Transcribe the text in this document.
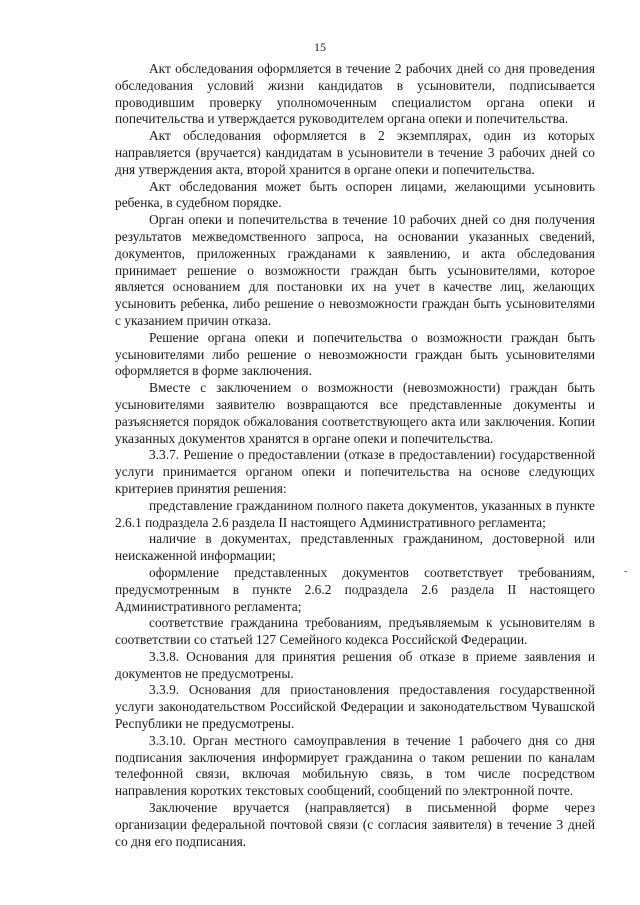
15

Акт обследования оформляется в течение 2 рабочих дней со дня проведения обследования условий жизни кандидатов в усыновители, подписывается проводившим проверку уполномоченным специалистом органа опеки и попечительства и утверждается руководителем органа опеки и попечительства.

Акт обследования оформляется в 2 экземплярах, один из которых направляется (вручается) кандидатам в усыновители в течение 3 рабочих дней со дня утверждения акта, второй хранится в органе опеки и попечительства.

Акт обследования может быть оспорен лицами, желающими усыновить ребенка, в судебном порядке.

Орган опеки и попечительства в течение 10 рабочих дней со дня получения результатов межведомственного запроса, на основании указанных сведений, документов, приложенных гражданами к заявлению, и акта обследования принимает решение о возможности граждан быть усыновителями, которое является основанием для постановки их на учет в качестве лиц, желающих усыновить ребенка, либо решение о невозможности граждан быть усыновителями с указанием причин отказа.

Решение органа опеки и попечительства о возможности граждан быть усыновителями либо решение о невозможности граждан быть усыновителями оформляется в форме заключения.

Вместе с заключением о возможности (невозможности) граждан быть усыновителями заявителю возвращаются все представленные документы и разъясняется порядок обжалования соответствующего акта или заключения. Копии указанных документов хранятся в органе опеки и попечительства.

3.3.7. Решение о предоставлении (отказе в предоставлении) государственной услуги принимается органом опеки и попечительства на основе следующих критериев принятия решения:

представление гражданином полного пакета документов, указанных в пункте 2.6.1 подраздела 2.6 раздела II настоящего Административного регламента;

наличие в документах, представленных гражданином, достоверной или неискаженной информации;

оформление представленных документов соответствует требованиям, предусмотренным в пункте 2.6.2 подраздела 2.6 раздела II настоящего Административного регламента;

соответствие гражданина требованиям, предъявляемым к усыновителям в соответствии со статьей 127 Семейного кодекса Российской Федерации.

3.3.8. Основания для принятия решения об отказе в приеме заявления и документов не предусмотрены.

3.3.9. Основания для приостановления предоставления государственной услуги законодательством Российской Федерации и законодательством Чувашской Республики не предусмотрены.

3.3.10. Орган местного самоуправления в течение 1 рабочего дня со дня подписания заключения информирует гражданина о таком решении по каналам телефонной связи, включая мобильную связь, в том числе посредством направления коротких текстовых сообщений, сообщений по электронной почте.

Заключение вручается (направляется) в письменной форме через организации федеральной почтовой связи (с согласия заявителя) в течение 3 дней со дня его подписания.

-
